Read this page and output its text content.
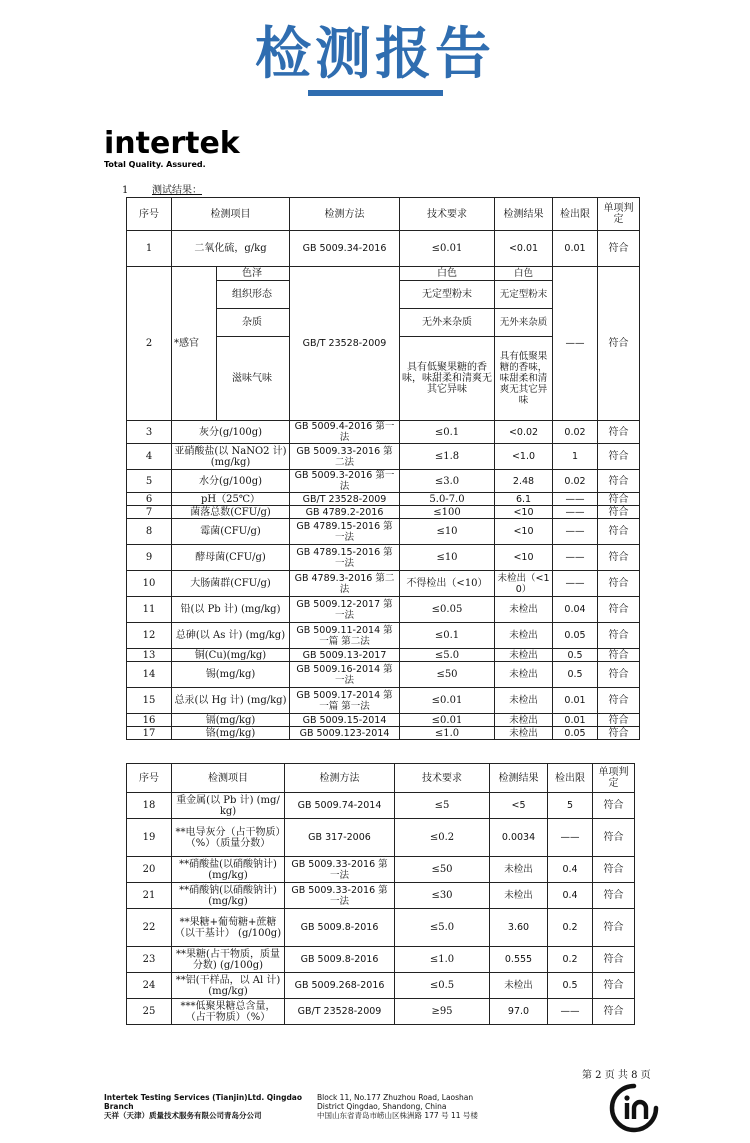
检测报告
intertek
Total Quality. Assured.
1 测试结果：
序号	检测项目		检测方法	技术要求	检测结果	检出限	单项判定
1	二氧化硫，g/kg		GB 5009.34-2016	≤0.01	<0.01	0.01	符合
2	*感官	色泽	GB/T 23528-2009	白色	白色	——	符合
		组织形态		无定型粉末	无定型粉末		
		杂质		无外来杂质	无外来杂质		
		滋味气味		具有低聚果糖的香味，味甜柔和清爽无其它异味	具有低聚果糖的香味，味甜柔和清爽无其它异味		
3	灰分(g/100g)		GB 5009.4-2016 第一法	≤0.1	<0.02	0.02	符合
4	亚硝酸盐(以 NaNO2 计)(mg/kg)		GB 5009.33-2016 第二法	≤1.8	<1.0	1	符合
5	水分(g/100g)		GB 5009.3-2016 第一法	≤3.0	2.48	0.02	符合
6	pH（25℃）		GB/T 23528-2009	5.0-7.0	6.1	——	符合
7	菌落总数(CFU/g)		GB 4789.2-2016	≤100	<10	——	符合
8	霉菌(CFU/g)		GB 4789.15-2016 第一法	≤10	<10	——	符合
9	酵母菌(CFU/g)		GB 4789.15-2016 第一法	≤10	<10	——	符合
10	大肠菌群(CFU/g)		GB 4789.3-2016 第二法	不得检出（<10）	未检出（<10）	——	符合
11	铅(以 Pb 计) (mg/kg)		GB 5009.12-2017 第一法	≤0.05	未检出	0.04	符合
12	总砷(以 As 计) (mg/kg)		GB 5009.11-2014 第一篇 第二法	≤0.1	未检出	0.05	符合
13	铜(Cu)(mg/kg)		GB 5009.13-2017	≤5.0	未检出	0.5	符合
14	锡(mg/kg)		GB 5009.16-2014 第一法	≤50	未检出	0.5	符合
15	总汞(以 Hg 计) (mg/kg)		GB 5009.17-2014 第一篇 第一法	≤0.01	未检出	0.01	符合
16	镉(mg/kg)		GB 5009.15-2014	≤0.01	未检出	0.01	符合
17	铬(mg/kg)		GB 5009.123-2014	≤1.0	未检出	0.05	符合
序号	检测项目	检测方法	技术要求	检测结果	检出限	单项判定
18	重金属(以 Pb 计) (mg/kg)	GB 5009.74-2014	≤5	<5	5	符合
19	**电导灰分（占干物质）（%）（质量分数）	GB 317-2006	≤0.2	0.0034	——	符合
20	**硝酸盐(以硝酸钠计) (mg/kg)	GB 5009.33-2016 第一法	≤50	未检出	0.4	符合
21	**硝酸钠(以硝酸钠计) (mg/kg)	GB 5009.33-2016 第一法	≤30	未检出	0.4	符合
22	**果糖+葡萄糖+蔗糖（以干基计） (g/100g)	GB 5009.8-2016	≤5.0	3.60	0.2	符合
23	**果糖(占干物质，质量分数) (g/100g)	GB 5009.8-2016	≤1.0	0.555	0.2	符合
24	**铝(干样品，以 Al 计)(mg/kg)	GB 5009.268-2016	≤0.5	未检出	0.5	符合
25	***低聚果糖总含量，（占干物质）（%）	GB/T 23528-2009	≥95	97.0	——	符合
第 2 页 共 8 页
Intertek Testing Services (Tianjin)Ltd. Qingdao
Branch
天祥（天津）质量技术服务有限公司青岛分公司
Block 11, No.177 Zhuzhou Road, Laoshan
District Qingdao, Shandong, China
中国山东省青岛市崂山区株洲路 177 号 11 号楼
